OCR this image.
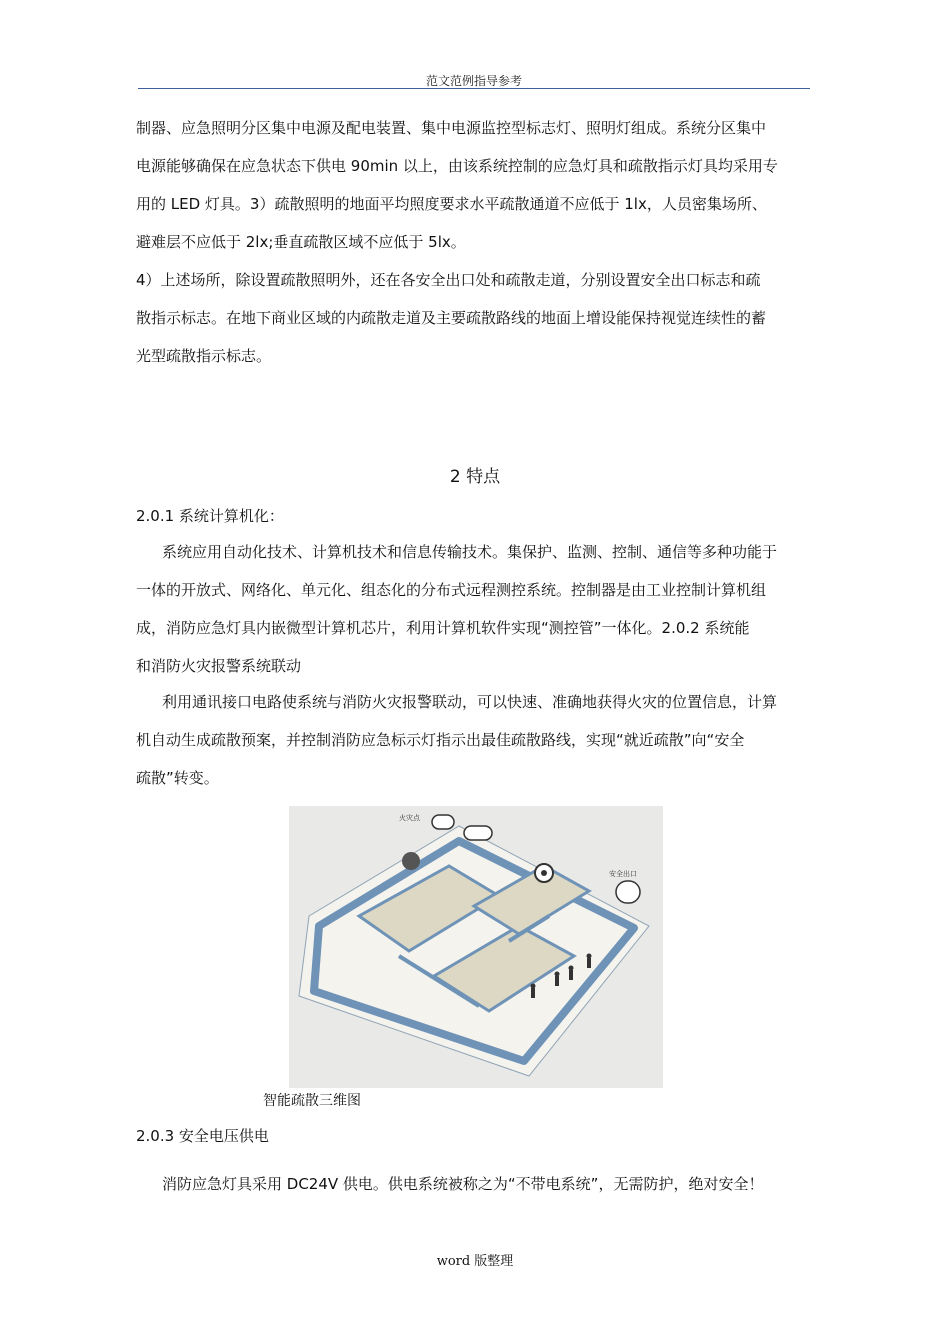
范文范例指导参考
制器、应急照明分区集中电源及配电装置、集中电源监控型标志灯、照明灯组成。系统分区集中
电源能够确保在应急状态下供电 90min 以上，由该系统控制的应急灯具和疏散指示灯具均采用专
用的 LED 灯具。3）疏散照明的地面平均照度要求水平疏散通道不应低于 1lx，人员密集场所、
避难层不应低于 2lx;垂直疏散区域不应低于 5lx。
4）上述场所，除设置疏散照明外，还在各安全出口处和疏散走道，分别设置安全出口标志和疏
散指示标志。在地下商业区域的内疏散走道及主要疏散路线的地面上增设能保持视觉连续性的蓄
光型疏散指示标志。
2 特点
2.0.1 系统计算机化：
系统应用自动化技术、计算机技术和信息传输技术。集保护、监测、控制、通信等多种功能于
一体的开放式、网络化、单元化、组态化的分布式远程测控系统。控制器是由工业控制计算机组
成，消防应急灯具内嵌微型计算机芯片，利用计算机软件实现“测控管”一体化。2.0.2 系统能
和消防火灾报警系统联动
利用通讯接口电路使系统与消防火灾报警联动，可以快速、准确地获得火灾的位置信息，计算
机自动生成疏散预案，并控制消防应急标示灯指示出最佳疏散路线，实现“就近疏散”向“安全
疏散”转变。
火灾点
安全出口
智能疏散三维图
2.0.3 安全电压供电
消防应急灯具采用 DC24V 供电。供电系统被称之为“不带电系统”，无需防护，绝对安全！
word 版整理
